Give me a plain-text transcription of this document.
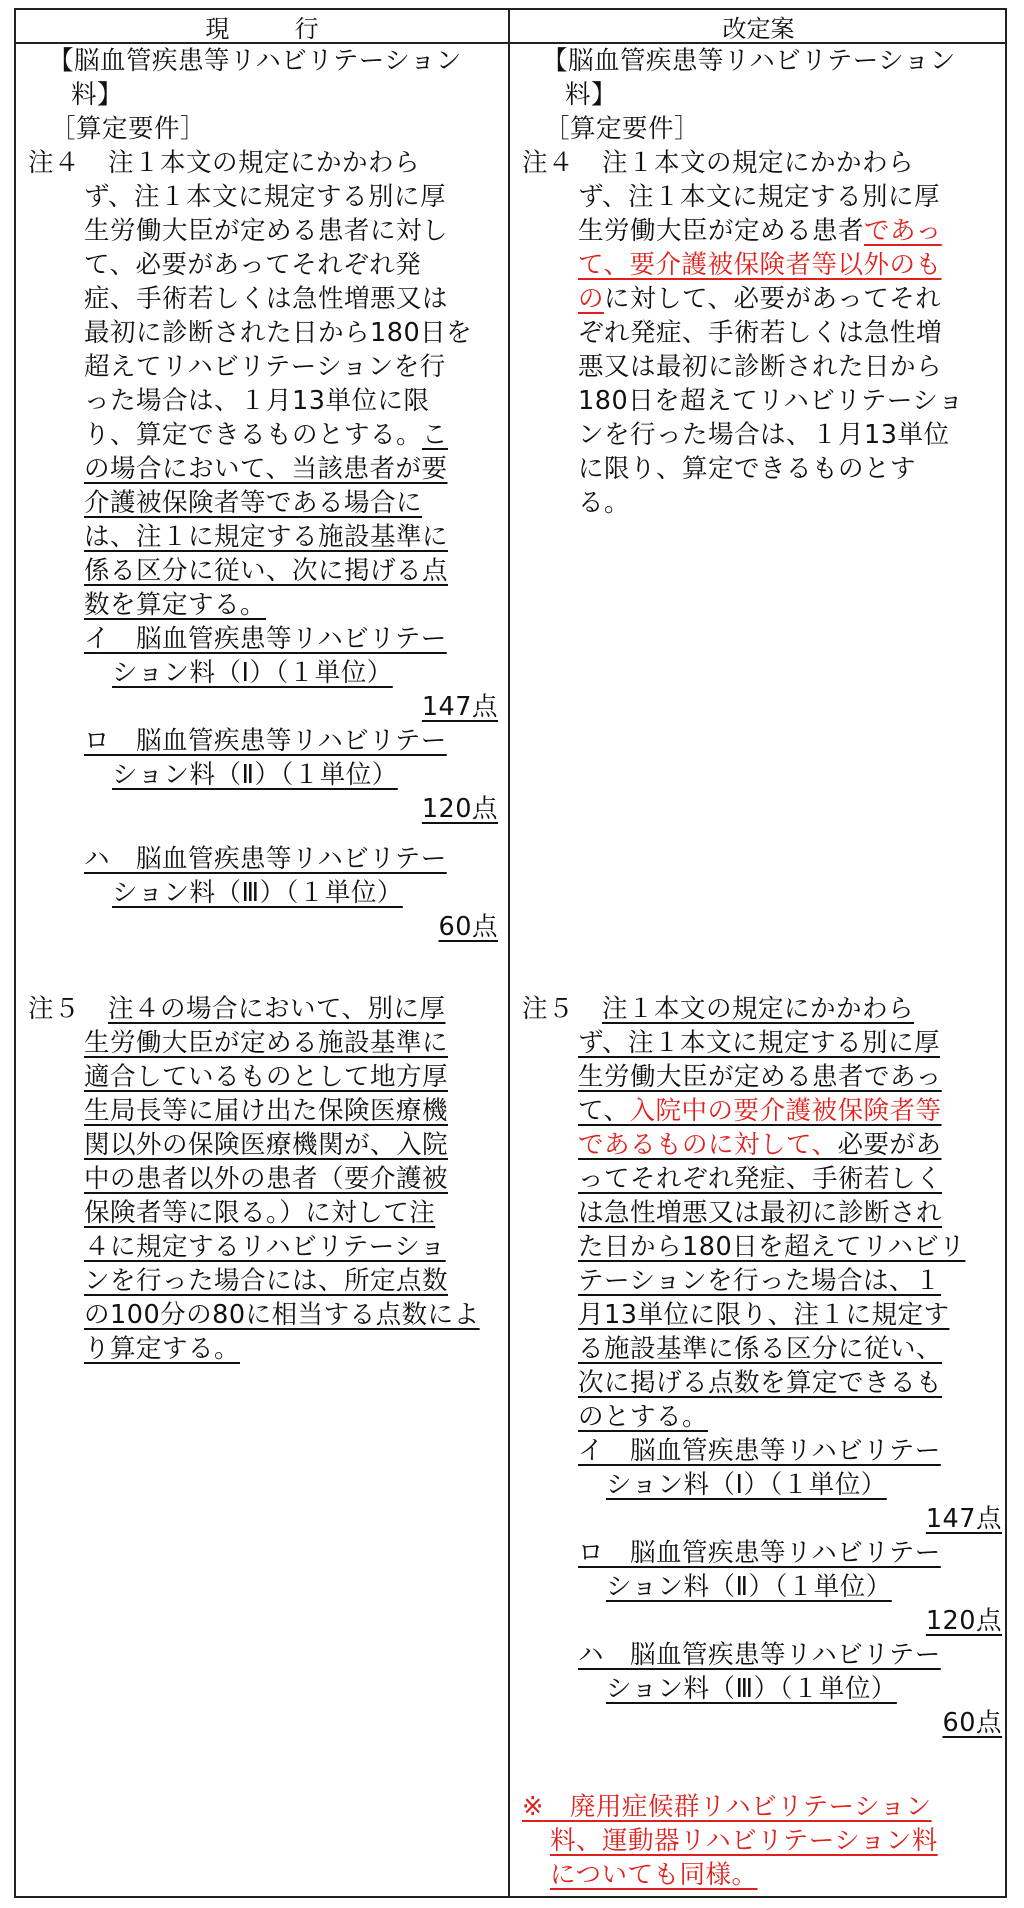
現 行	改定案
【脳血管疾患等リハビリテーション
料】
［算定要件］
注４ 注１本文の規定にかかわら
ず、注１本文に規定する別に厚
生労働大臣が定める患者に対し
て、必要があってそれぞれ発
症、手術若しくは急性増悪又は
最初に診断された日から180日を
超えてリハビリテーションを行
った場合は、１月13単位に限
り、算定できるものとする。こ
の場合において、当該患者が要
介護被保険者等である場合に
は、注１に規定する施設基準に
係る区分に従い、次に掲げる点
数を算定する。
イ　脳血管疾患等リハビリテー
ション料（Ⅰ）（１単位）
147点
ロ　脳血管疾患等リハビリテー
ション料（Ⅱ）（１単位）
120点
ハ　脳血管疾患等リハビリテー
ション料（Ⅲ）（１単位）
60点
注５ 注４の場合において、別に厚
生労働大臣が定める施設基準に
適合しているものとして地方厚
生局長等に届け出た保険医療機
関以外の保険医療機関が、入院
中の患者以外の患者（要介護被
保険者等に限る。）に対して注
４に規定するリハビリテーショ
ンを行った場合には、所定点数
の100分の80に相当する点数によ
り算定する。
【脳血管疾患等リハビリテーション
料】
［算定要件］
注４ 注１本文の規定にかかわら
ず、注１本文に規定する別に厚
生労働大臣が定める患者であっ
て、要介護被保険者等以外のも
のに対して、必要があってそれ
ぞれ発症、手術若しくは急性増
悪又は最初に診断された日から
180日を超えてリハビリテーショ
ンを行った場合は、１月13単位
に限り、算定できるものとす
る。
注５ 注１本文の規定にかかわら
ず、注１本文に規定する別に厚
生労働大臣が定める患者であっ
て、入院中の要介護被保険者等
であるものに対して、必要があ
ってそれぞれ発症、手術若しく
は急性増悪又は最初に診断され
た日から180日を超えてリハビリ
テーションを行った場合は、１
月13単位に限り、注１に規定す
る施設基準に係る区分に従い、
次に掲げる点数を算定できるも
のとする。
イ　脳血管疾患等リハビリテー
ション料（Ⅰ）（１単位）
147点
ロ　脳血管疾患等リハビリテー
ション料（Ⅱ）（１単位）
120点
ハ　脳血管疾患等リハビリテー
ション料（Ⅲ）（１単位）
60点
※　 廃用症候群リハビリテーション
料、運動器リハビリテーション料
についても同様。
